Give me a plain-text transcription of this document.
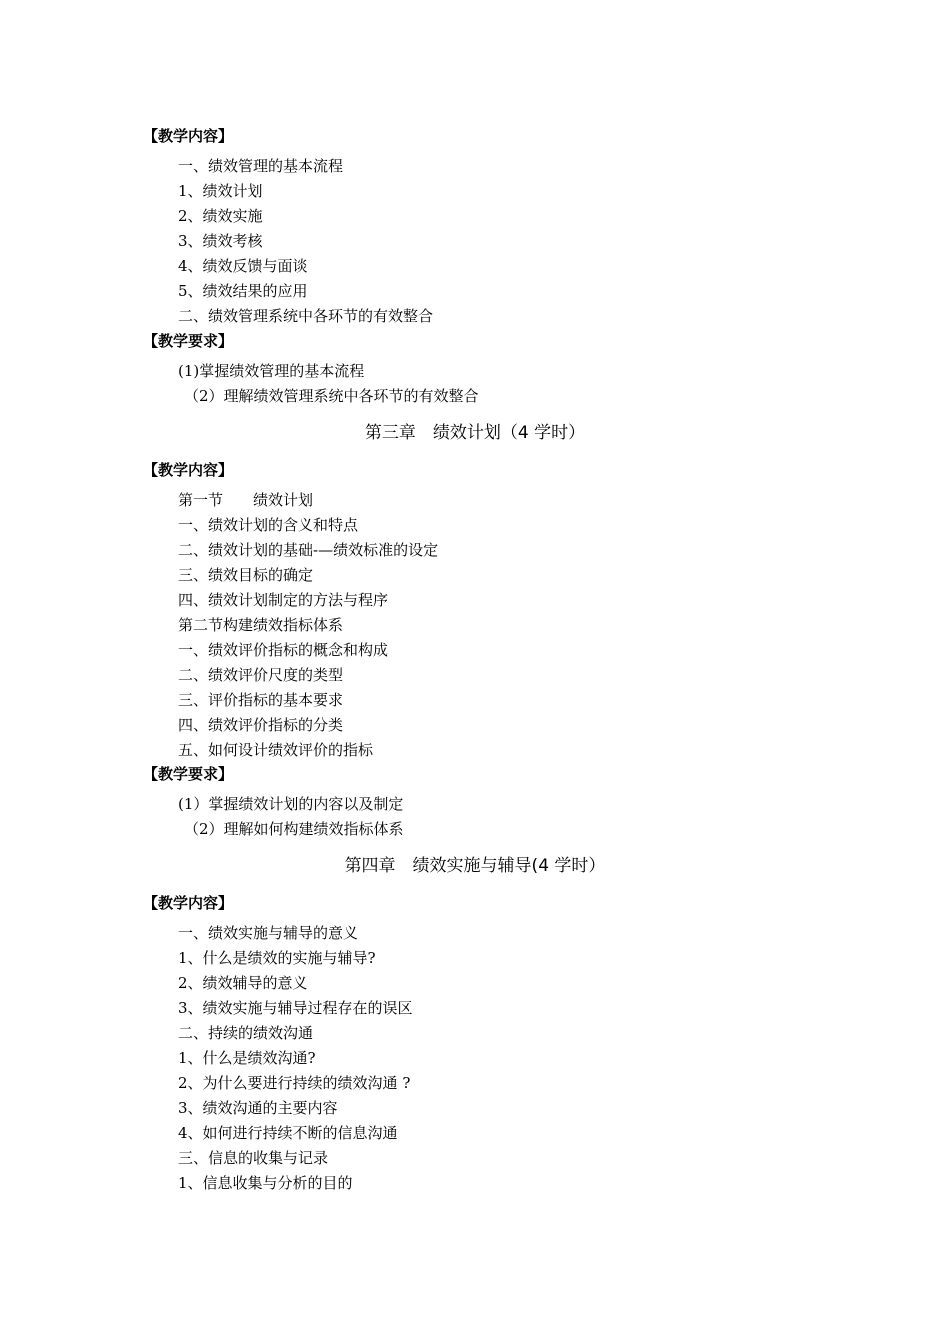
【教学内容】
一、绩效管理的基本流程
1、绩效计划
2、绩效实施
3、绩效考核
4、绩效反馈与面谈
5、绩效结果的应用
二、绩效管理系统中各环节的有效整合
【教学要求】
(1)掌握绩效管理的基本流程
（2）理解绩效管理系统中各环节的有效整合
第三章　绩效计划（4 学时）
【教学内容】
第一节　　绩效计划
一、绩效计划的含义和特点
二、绩效计划的基础-—绩效标准的设定
三、绩效目标的确定
四、绩效计划制定的方法与程序
第二节构建绩效指标体系
一、绩效评价指标的概念和构成
二、绩效评价尺度的类型
三、评价指标的基本要求
四、绩效评价指标的分类
五、如何设计绩效评价的指标
【教学要求】
(1）掌握绩效计划的内容以及制定
（2）理解如何构建绩效指标体系
第四章　绩效实施与辅导(4 学时）
【教学内容】
一、绩效实施与辅导的意义
1、什么是绩效的实施与辅导?
2、绩效辅导的意义
3、绩效实施与辅导过程存在的误区
二、持续的绩效沟通
1、什么是绩效沟通?
2、为什么要进行持续的绩效沟通 ?
3、绩效沟通的主要内容
4、如何进行持续不断的信息沟通
三、信息的收集与记录
1、信息收集与分析的目的
